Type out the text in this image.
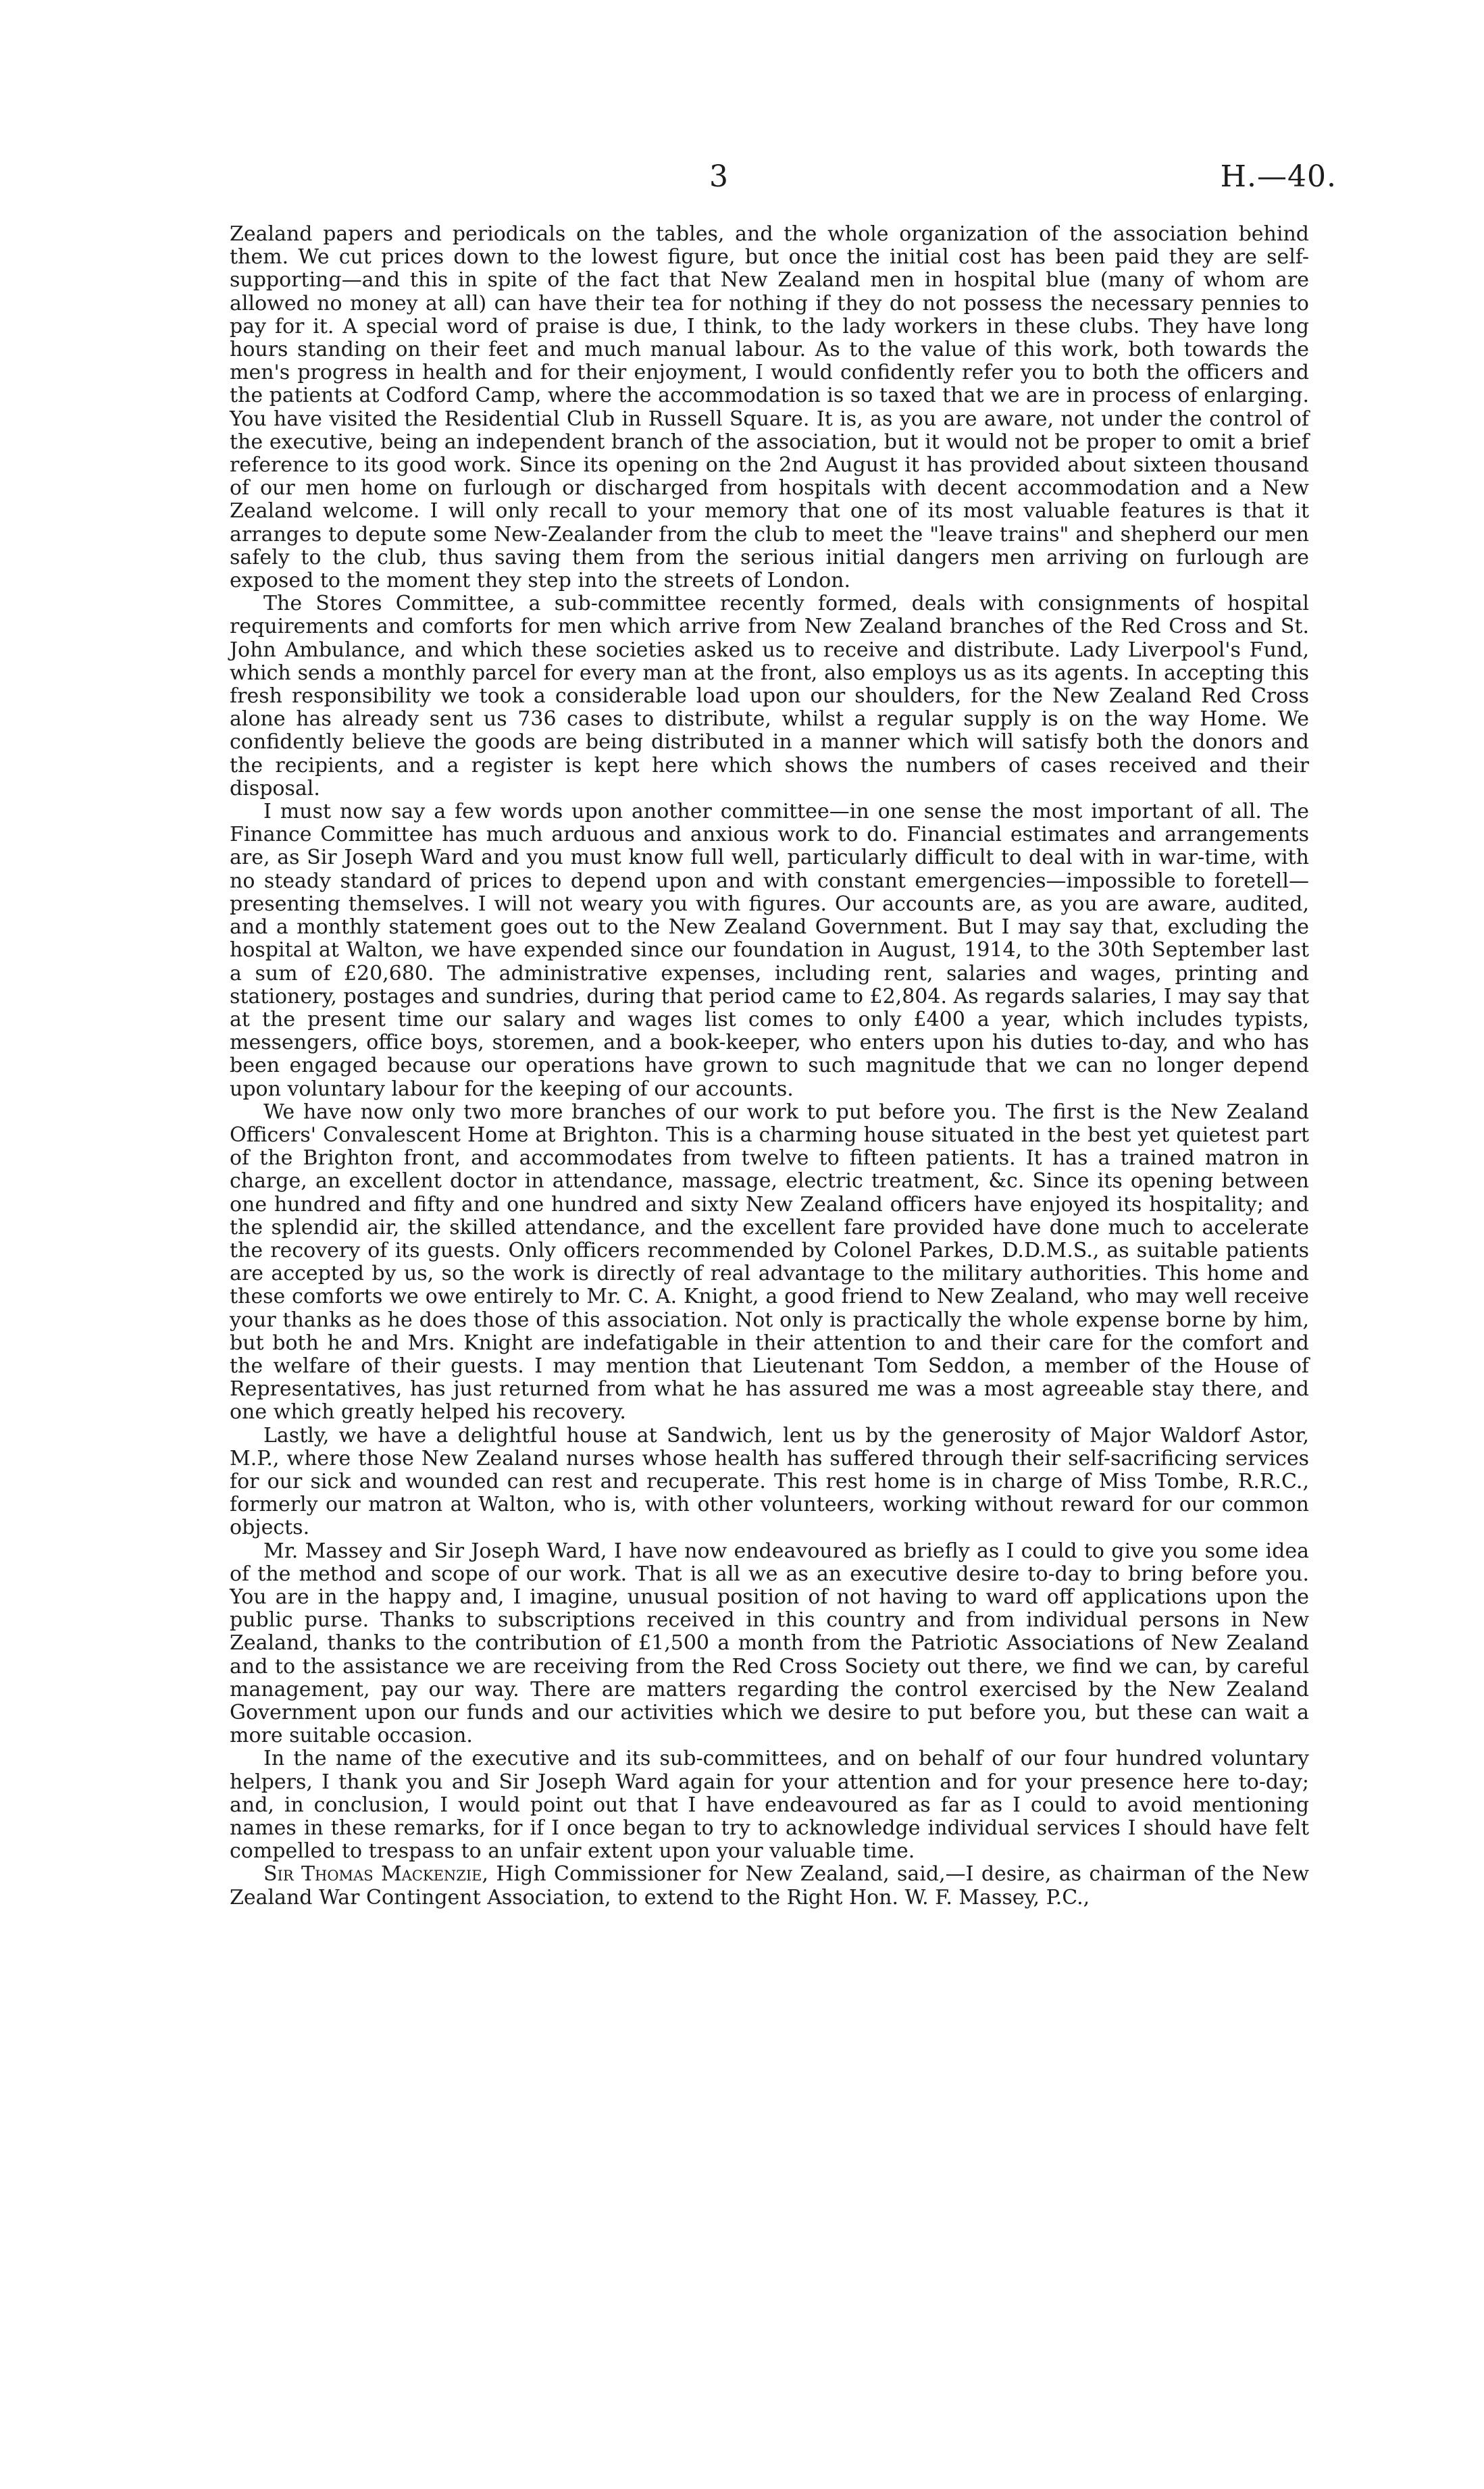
3	H.—40.

Zealand papers and periodicals on the tables, and the whole organization of the association behind them. We cut prices down to the lowest figure, but once the initial cost has been paid they are self-supporting—and this in spite of the fact that New Zealand men in hospital blue (many of whom are allowed no money at all) can have their tea for nothing if they do not possess the necessary pennies to pay for it. A special word of praise is due, I think, to the lady workers in these clubs. They have long hours standing on their feet and much manual labour. As to the value of this work, both towards the men's progress in health and for their enjoyment, I would confidently refer you to both the officers and the patients at Codford Camp, where the accommodation is so taxed that we are in process of enlarging. You have visited the Residential Club in Russell Square. It is, as you are aware, not under the control of the executive, being an independent branch of the association, but it would not be proper to omit a brief reference to its good work. Since its opening on the 2nd August it has provided about sixteen thousand of our men home on furlough or discharged from hospitals with decent accommodation and a New Zealand welcome. I will only recall to your memory that one of its most valuable features is that it arranges to depute some New-Zealander from the club to meet the "leave trains" and shepherd our men safely to the club, thus saving them from the serious initial dangers men arriving on furlough are exposed to the moment they step into the streets of London.

The Stores Committee, a sub-committee recently formed, deals with consignments of hospital requirements and comforts for men which arrive from New Zealand branches of the Red Cross and St. John Ambulance, and which these societies asked us to receive and distribute. Lady Liverpool's Fund, which sends a monthly parcel for every man at the front, also employs us as its agents. In accepting this fresh responsibility we took a considerable load upon our shoulders, for the New Zealand Red Cross alone has already sent us 736 cases to distribute, whilst a regular supply is on the way Home. We confidently believe the goods are being distributed in a manner which will satisfy both the donors and the recipients, and a register is kept here which shows the numbers of cases received and their disposal.

I must now say a few words upon another committee—in one sense the most important of all. The Finance Committee has much arduous and anxious work to do. Financial estimates and arrangements are, as Sir Joseph Ward and you must know full well, particularly difficult to deal with in war-time, with no steady standard of prices to depend upon and with constant emergencies—impossible to foretell—presenting themselves. I will not weary you with figures. Our accounts are, as you are aware, audited, and a monthly statement goes out to the New Zealand Government. But I may say that, excluding the hospital at Walton, we have expended since our foundation in August, 1914, to the 30th September last a sum of £20,680. The administrative expenses, including rent, salaries and wages, printing and stationery, postages and sundries, during that period came to £2,804. As regards salaries, I may say that at the present time our salary and wages list comes to only £400 a year, which includes typists, messengers, office boys, storemen, and a book-keeper, who enters upon his duties to-day, and who has been engaged because our operations have grown to such magnitude that we can no longer depend upon voluntary labour for the keeping of our accounts.

We have now only two more branches of our work to put before you. The first is the New Zealand Officers' Convalescent Home at Brighton. This is a charming house situated in the best yet quietest part of the Brighton front, and accommodates from twelve to fifteen patients. It has a trained matron in charge, an excellent doctor in attendance, massage, electric treatment, &c. Since its opening between one hundred and fifty and one hundred and sixty New Zealand officers have enjoyed its hospitality; and the splendid air, the skilled attendance, and the excellent fare provided have done much to accelerate the recovery of its guests. Only officers recommended by Colonel Parkes, D.D.M.S., as suitable patients are accepted by us, so the work is directly of real advantage to the military authorities. This home and these comforts we owe entirely to Mr. C. A. Knight, a good friend to New Zealand, who may well receive your thanks as he does those of this association. Not only is practically the whole expense borne by him, but both he and Mrs. Knight are indefatigable in their attention to and their care for the comfort and the welfare of their guests. I may mention that Lieutenant Tom Seddon, a member of the House of Representatives, has just returned from what he has assured me was a most agreeable stay there, and one which greatly helped his recovery.

Lastly, we have a delightful house at Sandwich, lent us by the generosity of Major Waldorf Astor, M.P., where those New Zealand nurses whose health has suffered through their self-sacrificing services for our sick and wounded can rest and recuperate. This rest home is in charge of Miss Tombe, R.R.C., formerly our matron at Walton, who is, with other volunteers, working without reward for our common objects.

Mr. Massey and Sir Joseph Ward, I have now endeavoured as briefly as I could to give you some idea of the method and scope of our work. That is all we as an executive desire to-day to bring before you. You are in the happy and, I imagine, unusual position of not having to ward off applications upon the public purse. Thanks to subscriptions received in this country and from individual persons in New Zealand, thanks to the contribution of £1,500 a month from the Patriotic Associations of New Zealand and to the assistance we are receiving from the Red Cross Society out there, we find we can, by careful management, pay our way. There are matters regarding the control exercised by the New Zealand Government upon our funds and our activities which we desire to put before you, but these can wait a more suitable occasion.

In the name of the executive and its sub-committees, and on behalf of our four hundred voluntary helpers, I thank you and Sir Joseph Ward again for your attention and for your presence here to-day; and, in conclusion, I would point out that I have endeavoured as far as I could to avoid mentioning names in these remarks, for if I once began to try to acknowledge individual services I should have felt compelled to trespass to an unfair extent upon your valuable time.

Sir Thomas Mackenzie, High Commissioner for New Zealand, said,—I desire, as chairman of the New Zealand War Contingent Association, to extend to the Right Hon. W. F. Massey, P.C.,
